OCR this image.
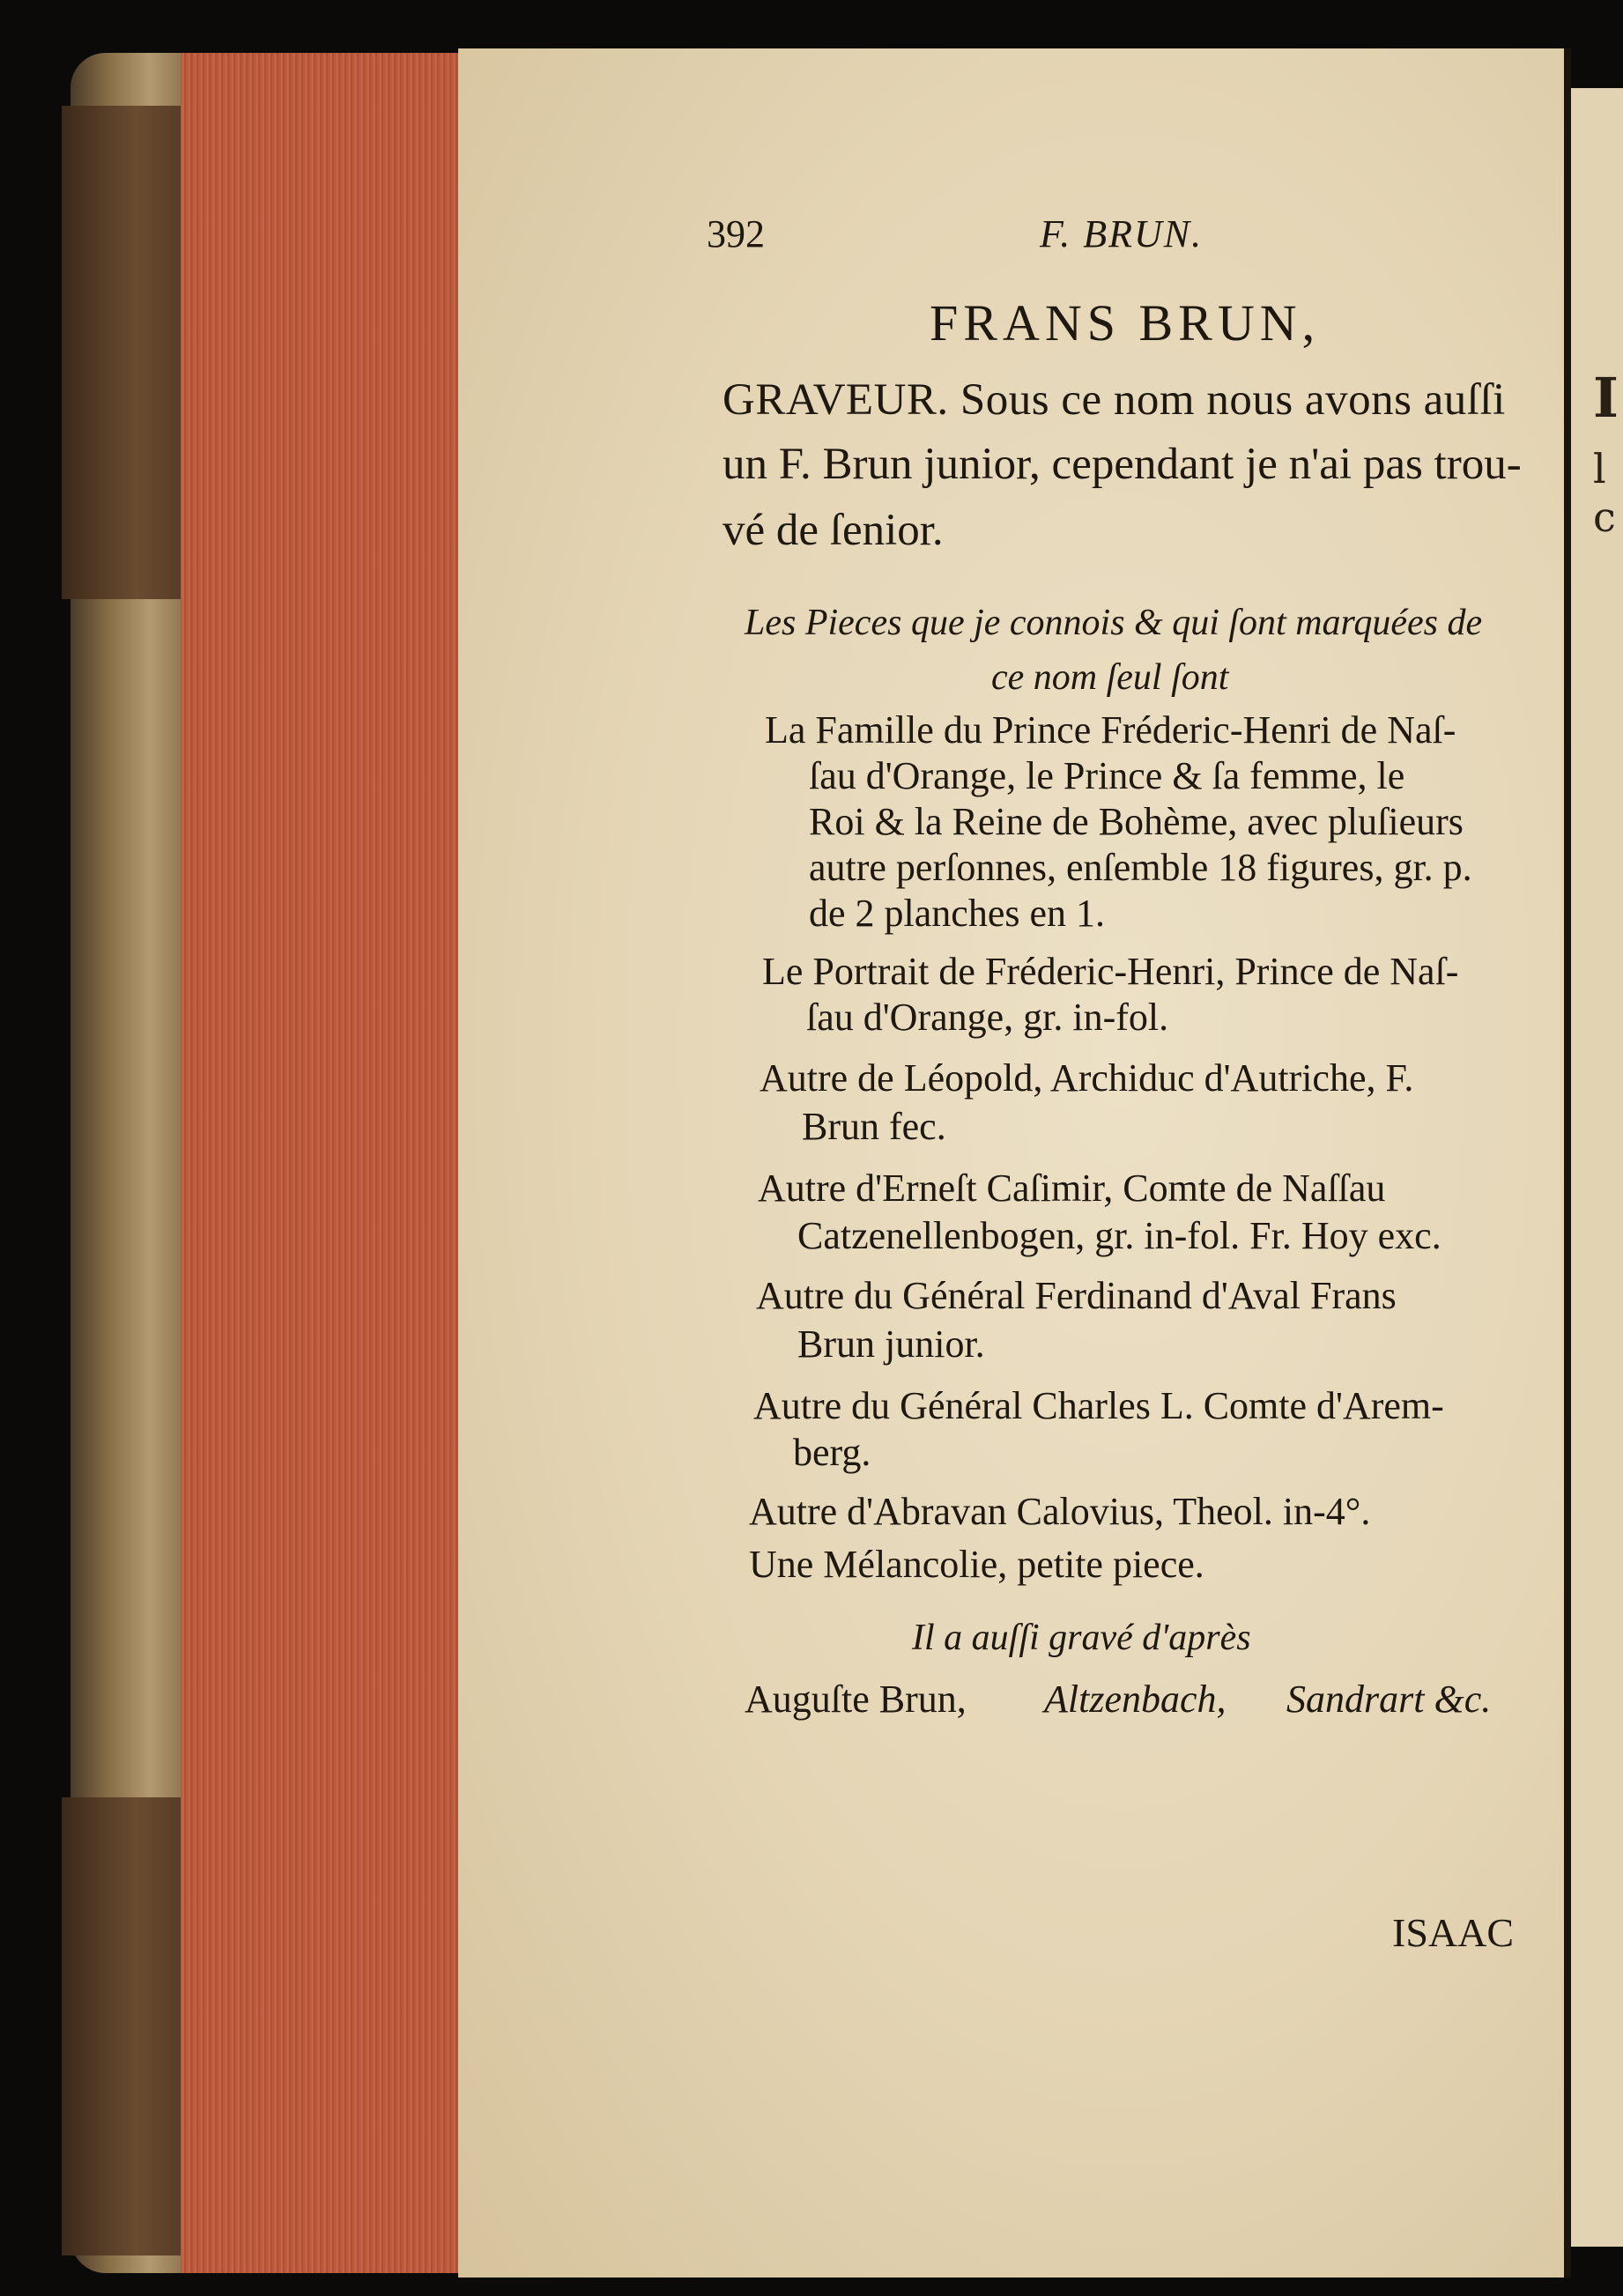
I
l
c
392	F. BRUN.
FRANS BRUN,
GRAVEUR. Sous ce nom nous avons auſſi
un F. Brun junior, cependant je n'ai pas trou-
vé de ſenior.
Les Pieces que je connois & qui ſont marquées de
ce nom ſeul ſont
La Famille du Prince Fréderic-Henri de Naſ-
ſau d'Orange, le Prince & ſa femme, le
Roi & la Reine de Bohème, avec pluſieurs
autre perſonnes, enſemble 18 figures, gr. p.
de 2 planches en 1.
Le Portrait de Fréderic-Henri, Prince de Naſ-
ſau d'Orange, gr. in-fol.
Autre de Léopold, Archiduc d'Autriche, F.
Brun fec.
Autre d'Erneſt Caſimir, Comte de Naſſau
Catzenellenbogen, gr. in-fol. Fr. Hoy exc.
Autre du Général Ferdinand d'Aval Frans
Brun junior.
Autre du Général Charles L. Comte d'Arem-
berg.
Autre d'Abravan Calovius, Theol. in-4°.
Une Mélancolie, petite piece.
Il a auſſi gravé d'après
Auguſte Brun, Altzenbach, Sandrart &c.
ISAAC
